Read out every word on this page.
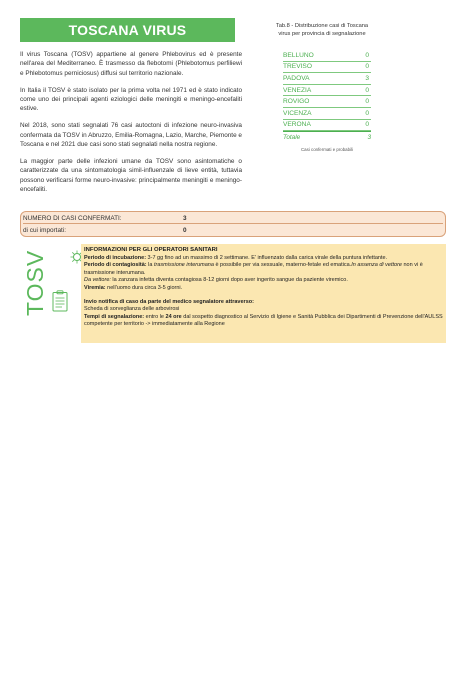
TOSCANA VIRUS

Il virus Toscana (TOSV) appartiene al genere Phlebovirus ed è presente nell'area del Mediterraneo. È trasmesso da flebotomi (Phlebotomus perfiliewi e Phlebotomus perniciosus) diffusi sul territorio nazionale.

In Italia il TOSV è stato isolato per la prima volta nel 1971 ed è stato indicato come uno dei principali agenti eziologici delle meningiti e meningo-encefaliti estive.

Nel 2018, sono stati segnalati 76 casi autoctoni di infezione neuro-invasiva confermata da TOSV in Abruzzo, Emilia-Romagna, Lazio, Marche, Piemonte e Toscana e nel 2021 due casi sono stati segnalati nella nostra regione.

La maggior parte delle infezioni umane da TOSV sono asintomatiche o caratterizzate da una sintomatologia simil-influenzale di lieve entità, tuttavia possono verificarsi forme neuro-invasive: principalmente meningiti e meningo-encefaliti.

Tab.8 - Distribuzione casi di Toscana virus per provincia di segnalazione
BELLUNO	0
TREVISO	0
PADOVA	3
VENEZIA	0
ROVIGO	0
VICENZA	0
VERONA	0
Totale	3
Casi confermati e probabili
NUMERO DI CASI CONFERMATI:	3
di cui importati:	0
TOSV	INFORMAZIONI PER GLI OPERATORI SANITARI
Periodo di incubazione: 3-7 gg fino ad un massimo di 2 settimane. E' influenzato dalla carica virale della puntura infettante.
Periodo di contagiosità: la trasmissione interumana è possibile per via sessuale, materno-fetale ed ematica.In assenza di vettore non vi è trasmissione interumana.
Da vettore: la zanzara infetta diventa contagiosa 8-12 giorni dopo aver ingerito sangue da paziente viremico.
Viremia: nell'uomo dura circa 3-5 giorni.
Invio notifica di caso da parte del medico segnalatore attraverso:
Scheda di sorveglianza delle arbovirosi
Tempi di segnalazione: entro le 24 ore dal sospetto diagnostico al Servizio di Igiene e Sanità Pubblica dei Dipartimenti di Prevenzione dell'AULSS competente per territorio -> immediatamente alla Regione
